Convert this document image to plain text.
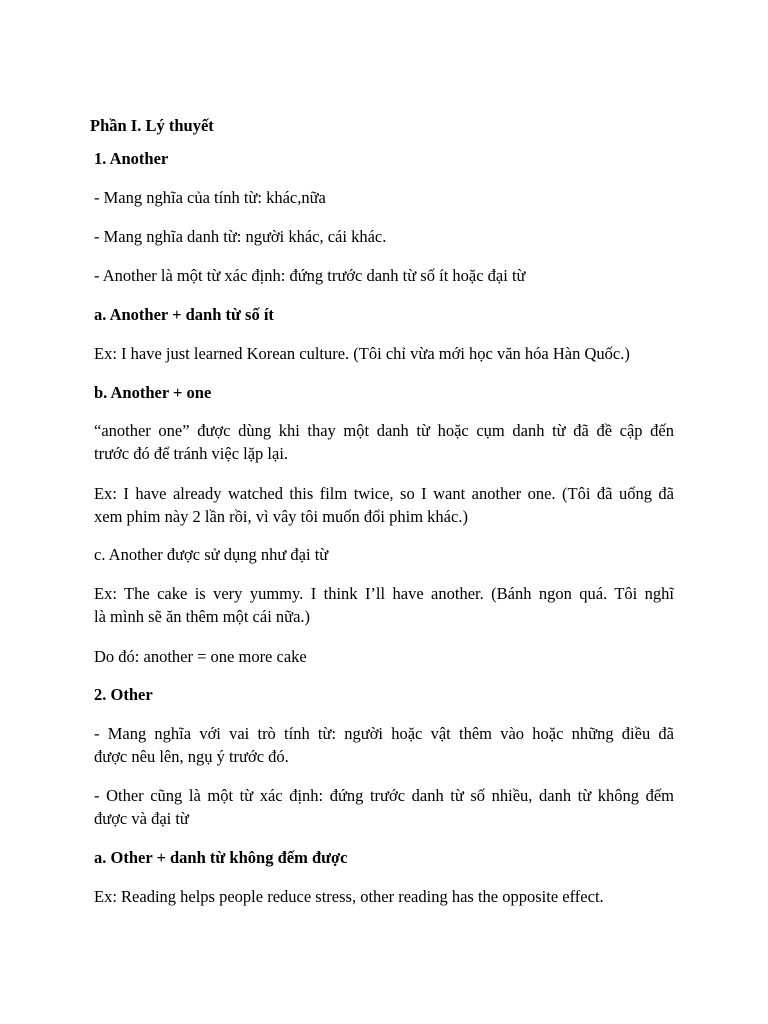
Phần I. Lý thuyết

1. Another

- Mang nghĩa của tính từ: khác,nữa

- Mang nghĩa danh từ: người khác, cái khác.

- Another là một từ xác định: đứng trước danh từ số ít hoặc đại từ

a. Another + danh từ số ít

Ex: I have just learned Korean culture. (Tôi chỉ vừa mới học văn hóa Hàn Quốc.)

b. Another + one

“another one” được dùng khi thay một danh từ hoặc cụm danh từ đã đề cập đến

trước đó để tránh việc lặp lại.

Ex: I have already watched this film twice, so I want another one. (Tôi đã uống đã

xem phim này 2 lần rồi, vì vây tôi muốn đổi phim khác.)

c. Another được sử dụng như đại từ

Ex: The cake is very yummy. I think I’ll have another. (Bánh ngon quá. Tôi nghĩ

là mình sẽ ăn thêm một cái nữa.)

Do đó: another = one more cake

2. Other

- Mang nghĩa với vai trò tính từ: người hoặc vật thêm vào hoặc những điều đã

được nêu lên, ngụ ý trước đó.

- Other cũng là một từ xác định: đứng trước danh từ số nhiều, danh từ không đếm

được và đại từ

a. Other + danh từ không đếm được

Ex: Reading helps people reduce stress, other reading has the opposite effect.
